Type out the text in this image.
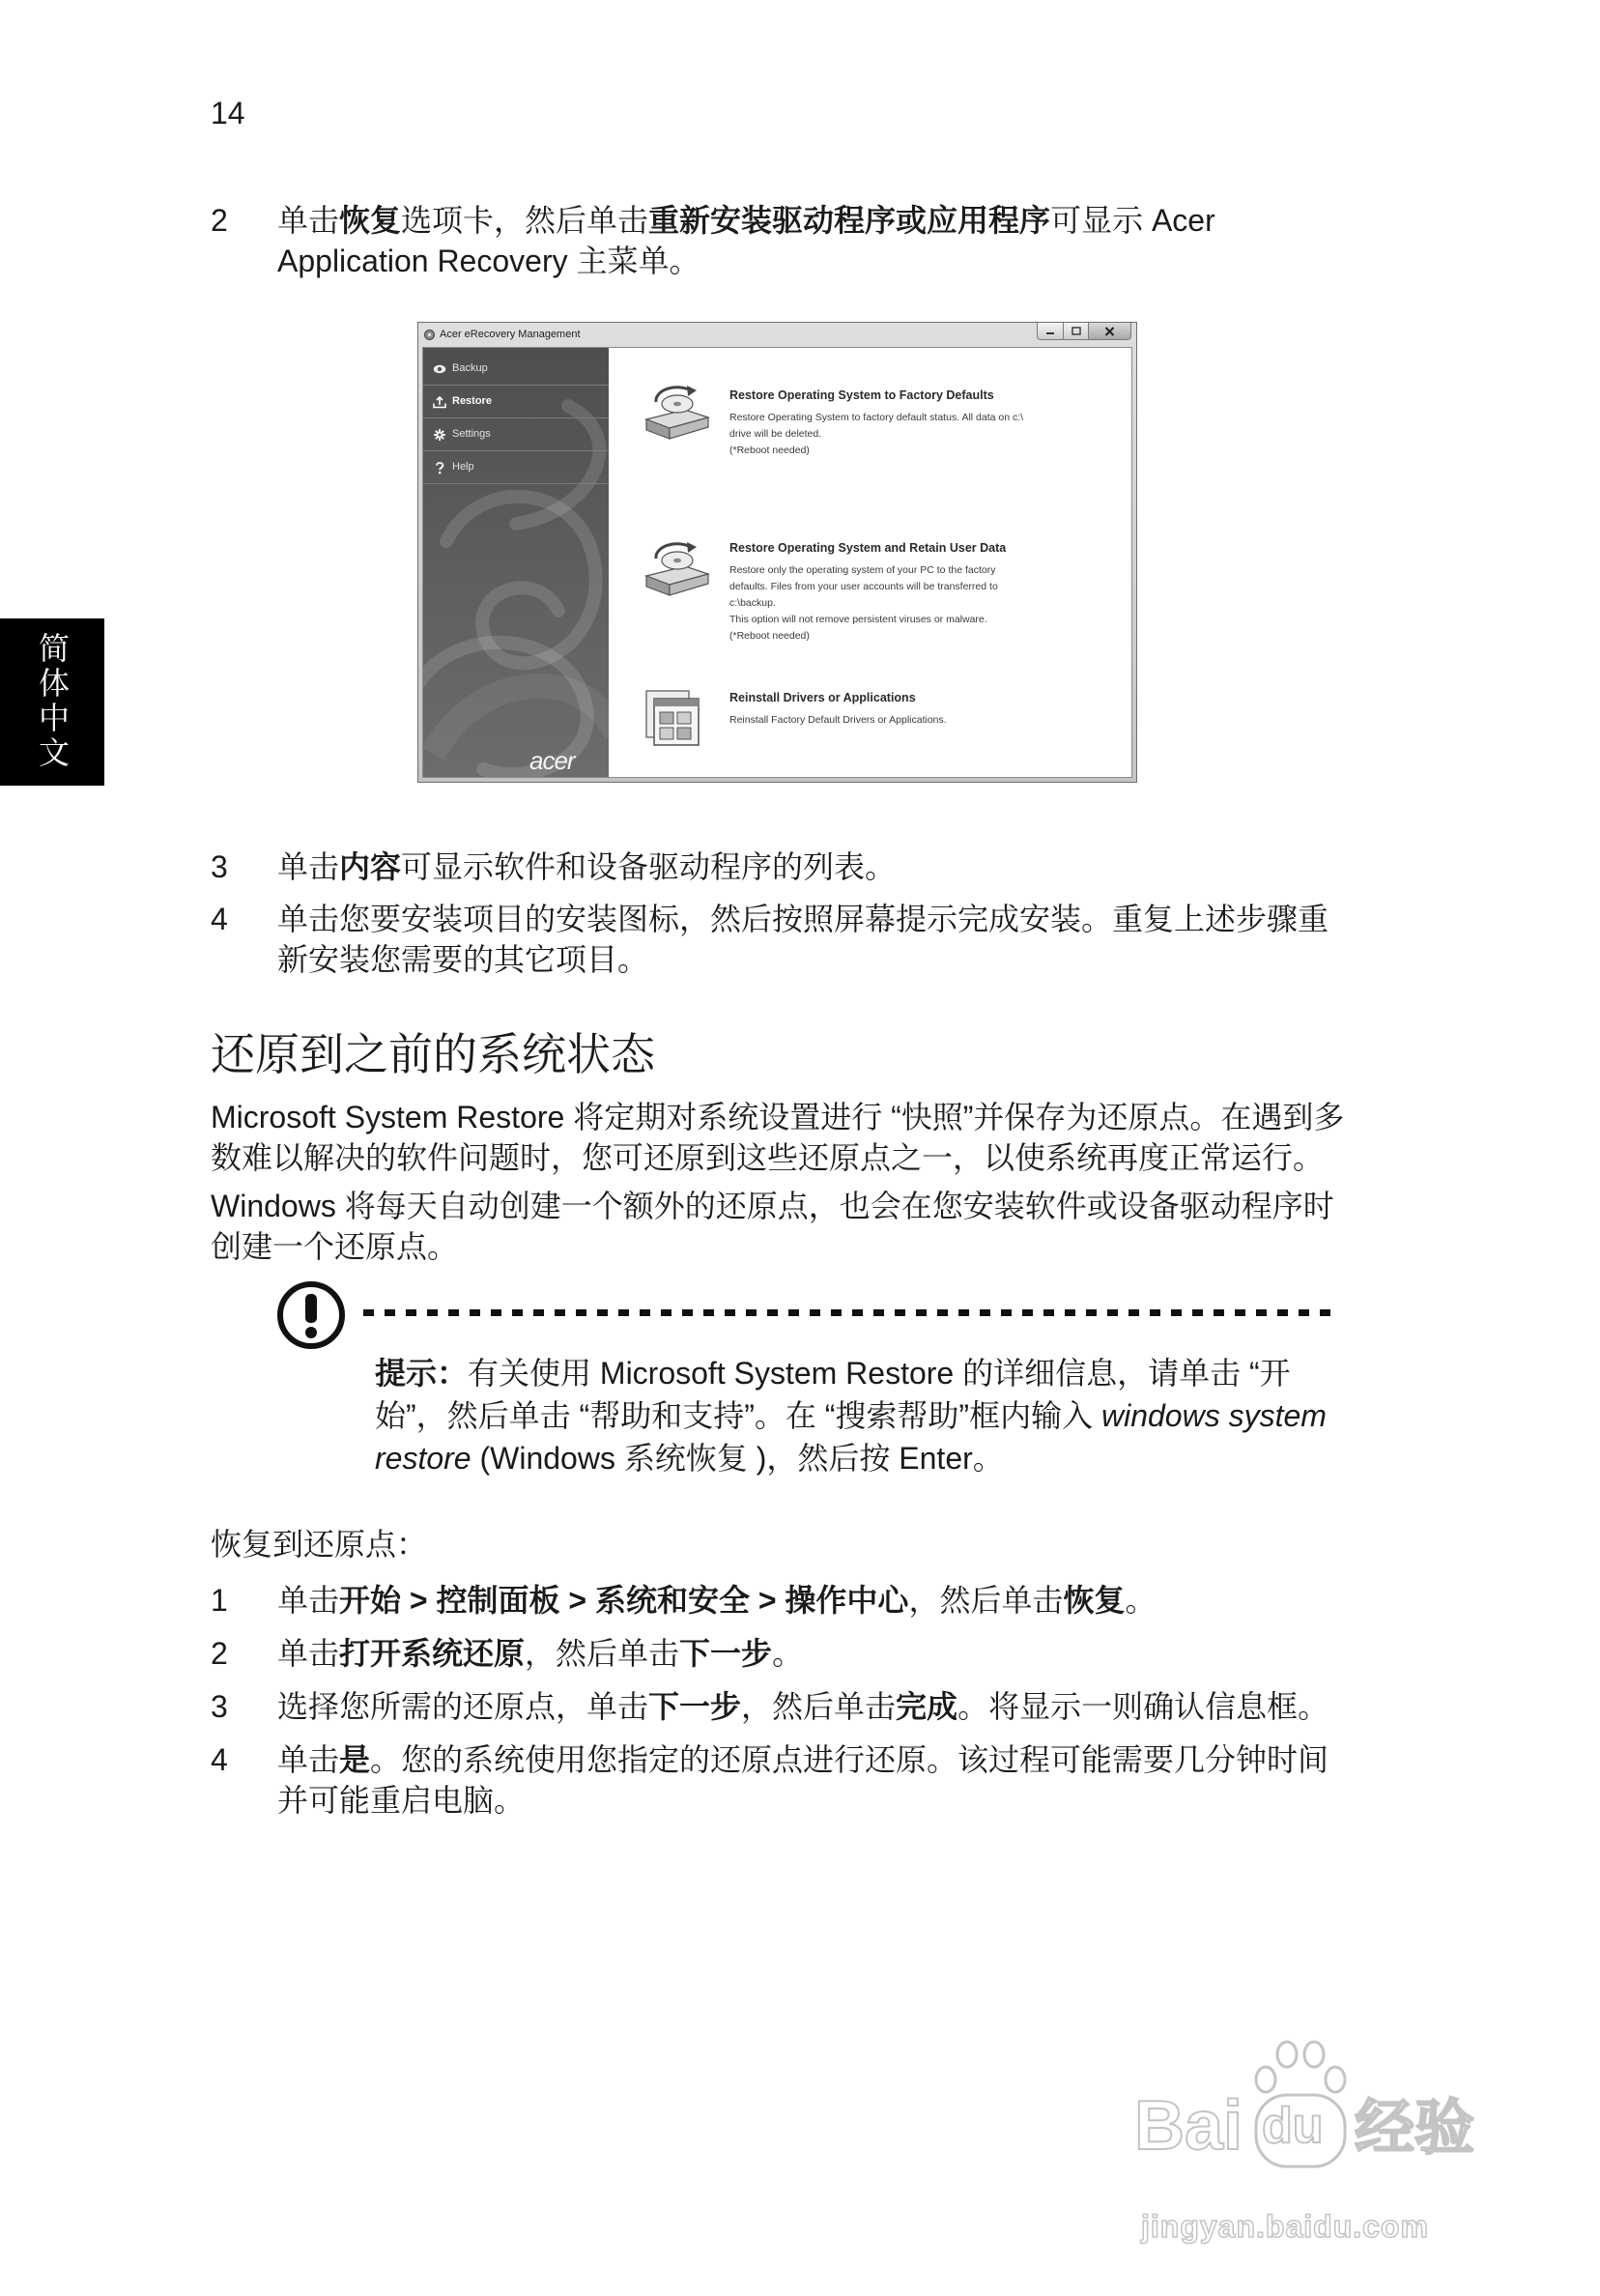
14
简体中文
2 单击恢复选项卡，然后单击重新安装驱动程序或应用程序可显示 Acer Application Recovery 主菜单。
Acer eRecovery Management
Backup
Restore
Settings
Help
acer
Restore Operating System to Factory Defaults
Restore Operating System to factory default status. All data on c:\
drive will be deleted.
(*Reboot needed)
Restore Operating System and Retain User Data
Restore only the operating system of your PC to the factory
defaults. Files from your user accounts will be transferred to
c:\backup.
This option will not remove persistent viruses or malware.
(*Reboot needed)
Reinstall Drivers or Applications
Reinstall Factory Default Drivers or Applications.
3 单击内容可显示软件和设备驱动程序的列表。
4 单击您要安装项目的安装图标，然后按照屏幕提示完成安装。重复上述步骤重新安装您需要的其它项目。
还原到之前的系统状态

Microsoft System Restore 将定期对系统设置进行 “快照”并保存为还原点。在遇到多数难以解决的软件问题时，您可还原到这些还原点之一，以使系统再度正常运行。

Windows 将每天自动创建一个额外的还原点，也会在您安装软件或设备驱动程序时创建一个还原点。

提示：有关使用 Microsoft System Restore 的详细信息，请单击 “开始”，然后单击 “帮助和支持”。在 “搜索帮助”框内输入 windows system restore (Windows 系统恢复 )，然后按 Enter。
恢复到还原点：
1 单击开始 > 控制面板 > 系统和安全 > 操作中心，然后单击恢复。
2 单击打开系统还原，然后单击下一步。
3 选择您所需的还原点，单击下一步，然后单击完成。将显示一则确认信息框。
4 单击是。您的系统使用您指定的还原点进行还原。该过程可能需要几分钟时间并可能重启电脑。
Bai du 经验
jingyan.baidu.com
